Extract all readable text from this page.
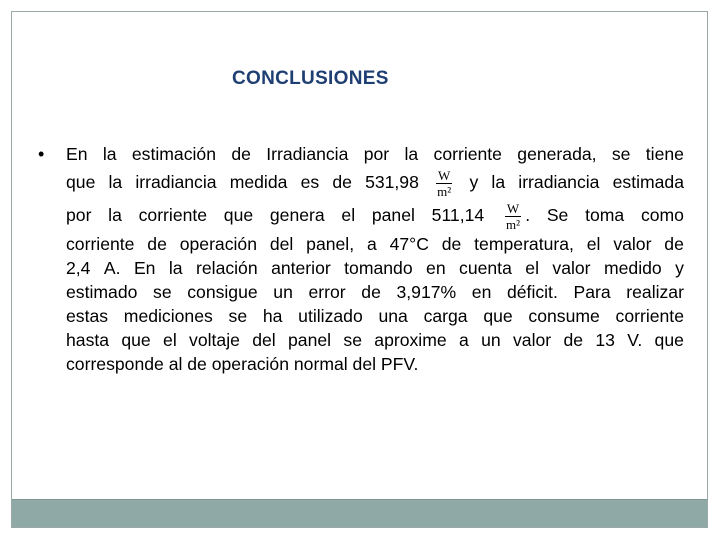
CONCLUSIONES
• En la estimación de Irradiancia por la corriente generada, se tiene
que la irradiancia medida es de $531,98 \frac{W}{\text{m²}}$ y la irradiancia estimada
por la corriente que genera el panel $511,14 \frac{W}{\text{m²}}$ . Se toma como
corriente de operación del panel, a 47°C de temperatura, el valor de
2,4 A. En la relación anterior tomando en cuenta el valor medido y
estimado se consigue un error de 3,917% en déficit. Para realizar
estas mediciones se ha utilizado una carga que consume corriente
hasta que el voltaje del panel se aproxime a un valor de 13 V. que
corresponde al de operación normal del PFV.
